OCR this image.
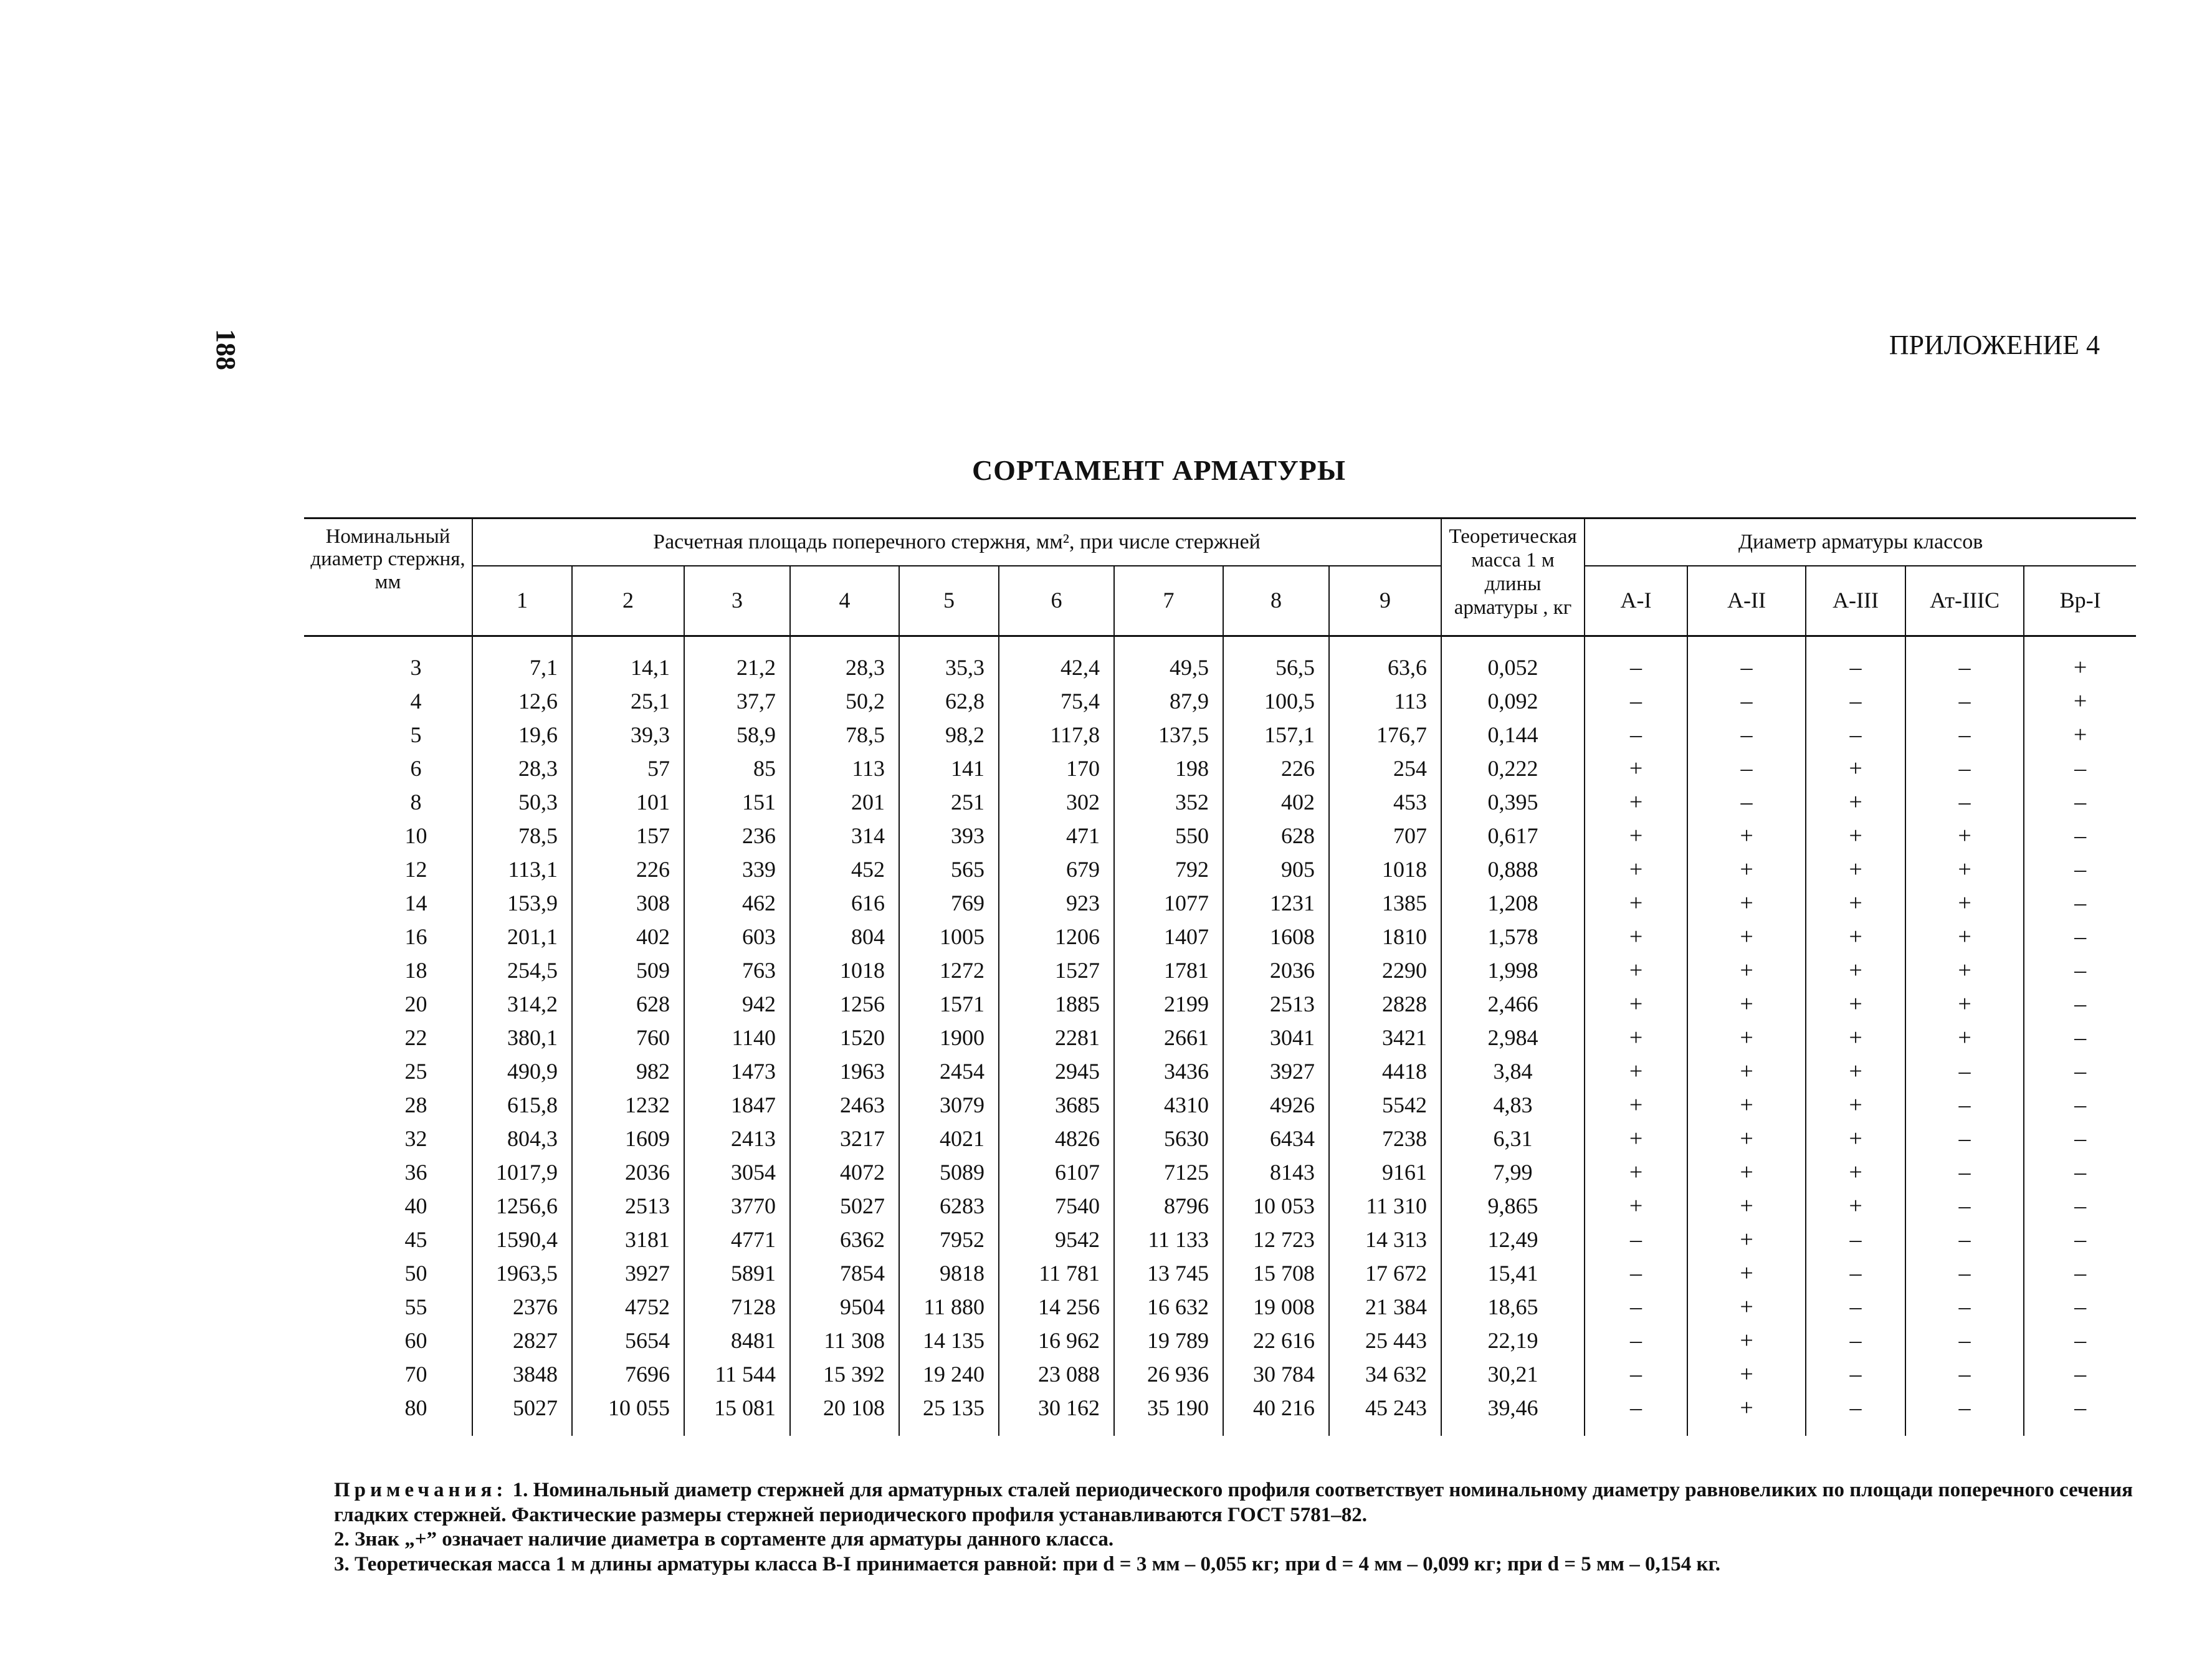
188	ПРИЛОЖЕНИЕ 4
СОРТАМЕНТ АРМАТУРЫ
Номинальный диаметр стержня, мм	Расчетная площадь поперечного стержня, мм², при числе стержней									Теоретическая масса 1 м длины арматуры , кг	Диаметр арматуры классов				
	1	2	3	4	5	6	7	8	9		А-I	А-II	А-III	Ат-IIIС	Вр-I
3	7,1	14,1	21,2	28,3	35,3	42,4	49,5	56,5	63,6	0,052	–	–	–	–	+
4	12,6	25,1	37,7	50,2	62,8	75,4	87,9	100,5	113	0,092	–	–	–	–	+
5	19,6	39,3	58,9	78,5	98,2	117,8	137,5	157,1	176,7	0,144	–	–	–	–	+
6	28,3	57	85	113	141	170	198	226	254	0,222	+	–	+	–	–
8	50,3	101	151	201	251	302	352	402	453	0,395	+	–	+	–	–
10	78,5	157	236	314	393	471	550	628	707	0,617	+	+	+	+	–
12	113,1	226	339	452	565	679	792	905	1018	0,888	+	+	+	+	–
14	153,9	308	462	616	769	923	1077	1231	1385	1,208	+	+	+	+	–
16	201,1	402	603	804	1005	1206	1407	1608	1810	1,578	+	+	+	+	–
18	254,5	509	763	1018	1272	1527	1781	2036	2290	1,998	+	+	+	+	–
20	314,2	628	942	1256	1571	1885	2199	2513	2828	2,466	+	+	+	+	–
22	380,1	760	1140	1520	1900	2281	2661	3041	3421	2,984	+	+	+	+	–
25	490,9	982	1473	1963	2454	2945	3436	3927	4418	3,84	+	+	+	–	–
28	615,8	1232	1847	2463	3079	3685	4310	4926	5542	4,83	+	+	+	–	–
32	804,3	1609	2413	3217	4021	4826	5630	6434	7238	6,31	+	+	+	–	–
36	1017,9	2036	3054	4072	5089	6107	7125	8143	9161	7,99	+	+	+	–	–
40	1256,6	2513	3770	5027	6283	7540	8796	10 053	11 310	9,865	+	+	+	–	–
45	1590,4	3181	4771	6362	7952	9542	11 133	12 723	14 313	12,49	–	+	–	–	–
50	1963,5	3927	5891	7854	9818	11 781	13 745	15 708	17 672	15,41	–	+	–	–	–
55	2376	4752	7128	9504	11 880	14 256	16 632	19 008	21 384	18,65	–	+	–	–	–
60	2827	5654	8481	11 308	14 135	16 962	19 789	22 616	25 443	22,19	–	+	–	–	–
70	3848	7696	11 544	15 392	19 240	23 088	26 936	30 784	34 632	30,21	–	+	–	–	–
80	5027	10 055	15 081	20 108	25 135	30 162	35 190	40 216	45 243	39,46	–	+	–	–	–

Примечания: 1. Номинальный диаметр стержней для арматурных сталей периодического профиля соответствует номинальному диаметру равновеликих по площади поперечного сечения гладких стержней. Фактические размеры стержней периодического профиля устанавливаются ГОСТ 5781–82.

2. Знак „+” означает наличие диаметра в сортаменте для арматуры данного класса.

3. Теоретическая масса 1 м длины арматуры класса В-I принимается равной: при d = 3 мм – 0,055 кг; при d = 4 мм – 0,099 кг; при d = 5 мм – 0,154 кг.
